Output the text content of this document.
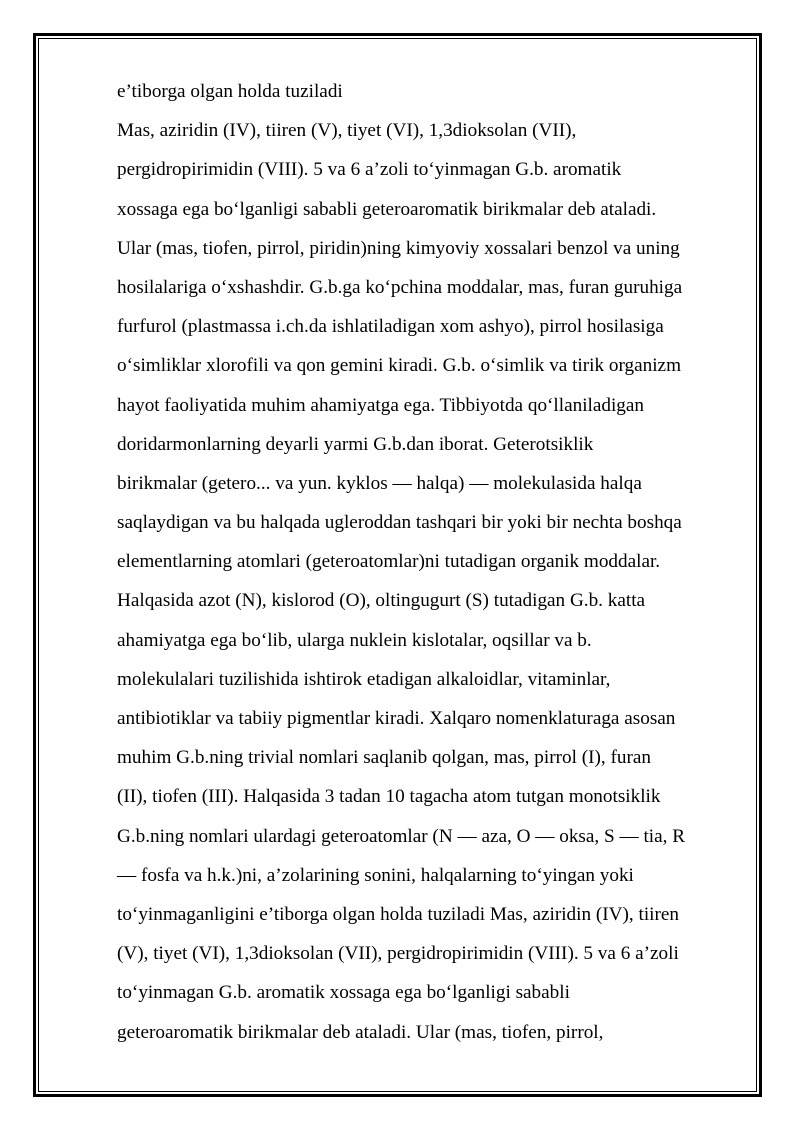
e’tiborga olgan holda tuziladi
Mas, aziridin (IV), tiiren (V), tiyet (VI), 1,3dioksolan (VII),
pergidropirimidin (VIII). 5 va 6 a’zoli to‘yinmagan G.b. aromatik
xossaga ega bo‘lganligi sababli geteroaromatik birikmalar deb ataladi.
Ular (mas, tiofen, pirrol, piridin)ning kimyoviy xossalari benzol va uning
hosilalariga o‘xshashdir. G.b.ga ko‘pchina moddalar, mas, furan guruhiga
furfurol (plastmassa i.ch.da ishlatiladigan xom ashyo), pirrol hosilasiga
o‘simliklar xlorofili va qon gemini kiradi. G.b. o‘simlik va tirik organizm
hayot faoliyatida muhim ahamiyatga ega. Tibbiyotda qo‘llaniladigan
doridarmonlarning deyarli yarmi G.b.dan iborat. Geterotsiklik
birikmalar (getero... va yun. kyklos — halqa) — molekulasida halqa
saqlaydigan va bu halqada ugleroddan tashqari bir yoki bir nechta boshqa
elementlarning atomlari (geteroatomlar)ni tutadigan organik moddalar.
Halqasida azot (N), kislorod (O), oltingugurt (S) tutadigan G.b. katta
ahamiyatga ega bo‘lib, ularga nuklein kislotalar, oqsillar va b.
molekulalari tuzilishida ishtirok etadigan alkaloidlar, vitaminlar,
antibiotiklar va tabiiy pigmentlar kiradi. Xalqaro nomenklaturaga asosan
muhim G.b.ning trivial nomlari saqlanib qolgan, mas, pirrol (I), furan
(II), tiofen (III). Halqasida 3 tadan 10 tagacha atom tutgan monotsiklik
G.b.ning nomlari ulardagi geteroatomlar (N — aza, O — oksa, S — tia, R
— fosfa va h.k.)ni, a’zolarining sonini, halqalarning to‘yingan yoki
to‘yinmaganligini e’tiborga olgan holda tuziladi Mas, aziridin (IV), tiiren
(V), tiyet (VI), 1,3dioksolan (VII), pergidropirimidin (VIII). 5 va 6 a’zoli
to‘yinmagan G.b. aromatik xossaga ega bo‘lganligi sababli
geteroaromatik birikmalar deb ataladi. Ular (mas, tiofen, pirrol,
